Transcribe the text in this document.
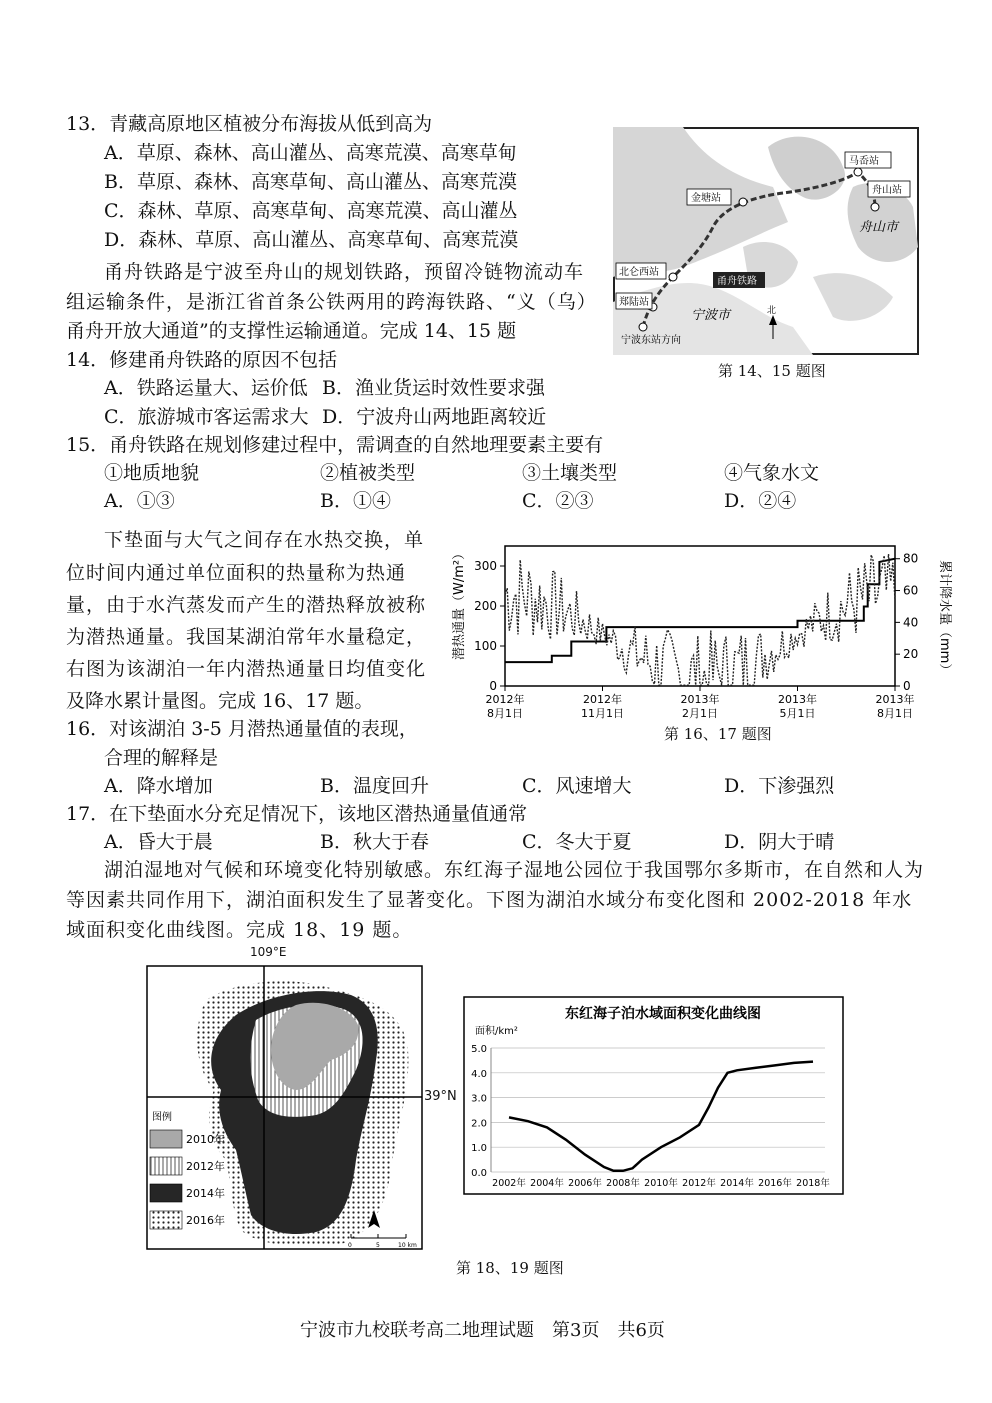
13．青藏高原地区植被分布海拔从低到高为
A．草原、森林、高山灌丛、高寒荒漠、高寒草甸
B．草原、森林、高寒草甸、高山灌丛、高寒荒漠
C．森林、草原、高寒草甸、高寒荒漠、高山灌丛
D．森林、草原、高山灌丛、高寒草甸、高寒荒漠
甬舟铁路是宁波至舟山的规划铁路，预留冷链物流动车
组运输条件，是浙江省首条公铁两用的跨海铁路、“义（乌）
甬舟开放大通道”的支撑性运输通道。完成 14、15 题
马岙站
舟山站
金塘站
北仑西站
郑陆站
宁波东站方向
甬舟铁路
舟山市
宁波市	北
第 14、15 题图
14．修建甬舟铁路的原因不包括
A．铁路运量大、运价低 B．渔业货运时效性要求强
C．旅游城市客运需求大 D．宁波舟山两地距离较近
15．甬舟铁路在规划修建过程中，需调查的自然地理要素主要有
①地质地貌	②植被类型	③土壤类型	④气象水文
A．①③	B．①④	C．②③	D．②④
下垫面与大气之间存在水热交换，单
位时间内通过单位面积的热量称为热通
量，由于水汽蒸发而产生的潜热释放被称
为潜热通量。我国某湖泊常年水量稳定，
右图为该湖泊一年内潜热通量日均值变化
及降水累计量图。完成 16、17 题。
潜热通量（W/m²）	累计降水量（mm）
0
100
200
300
0
20
40
60
80
2012年
8月1日
2012年
11月1日
2013年
2月1日
2013年
5月1日
2013年
8月1日
第 16、17 题图
16．对该湖泊 3-5 月潜热通量值的表现，
合理的解释是
A．降水增加	B．温度回升	C．风速增大	D．下渗强烈
17．在下垫面水分充足情况下，该地区潜热通量值通常
A．昏大于晨	B．秋大于春	C．冬大于夏	D．阴大于晴
湖泊湿地对气候和环境变化特别敏感。东红海子湿地公园位于我国鄂尔多斯市，在自然和人为等因素共同作用下，湖泊面积发生了显著变化。下图为湖泊水域分布变化图和 2002-2018 年水域面积变化曲线图。完成 18、19 题。
图例
2010年
2012年
2014年
2016年
0	5	10 km
109°E
39°N
东红海子泊水域面积变化曲线图
面积/km²
0.0
1.0
2.0
3.0
4.0
5.0
2002年 2004年 2006年 2008年 2010年 2012年 2014年 2016年 2018年
第 18、19 题图
宁波市九校联考高二地理试题　第3页　共6页
